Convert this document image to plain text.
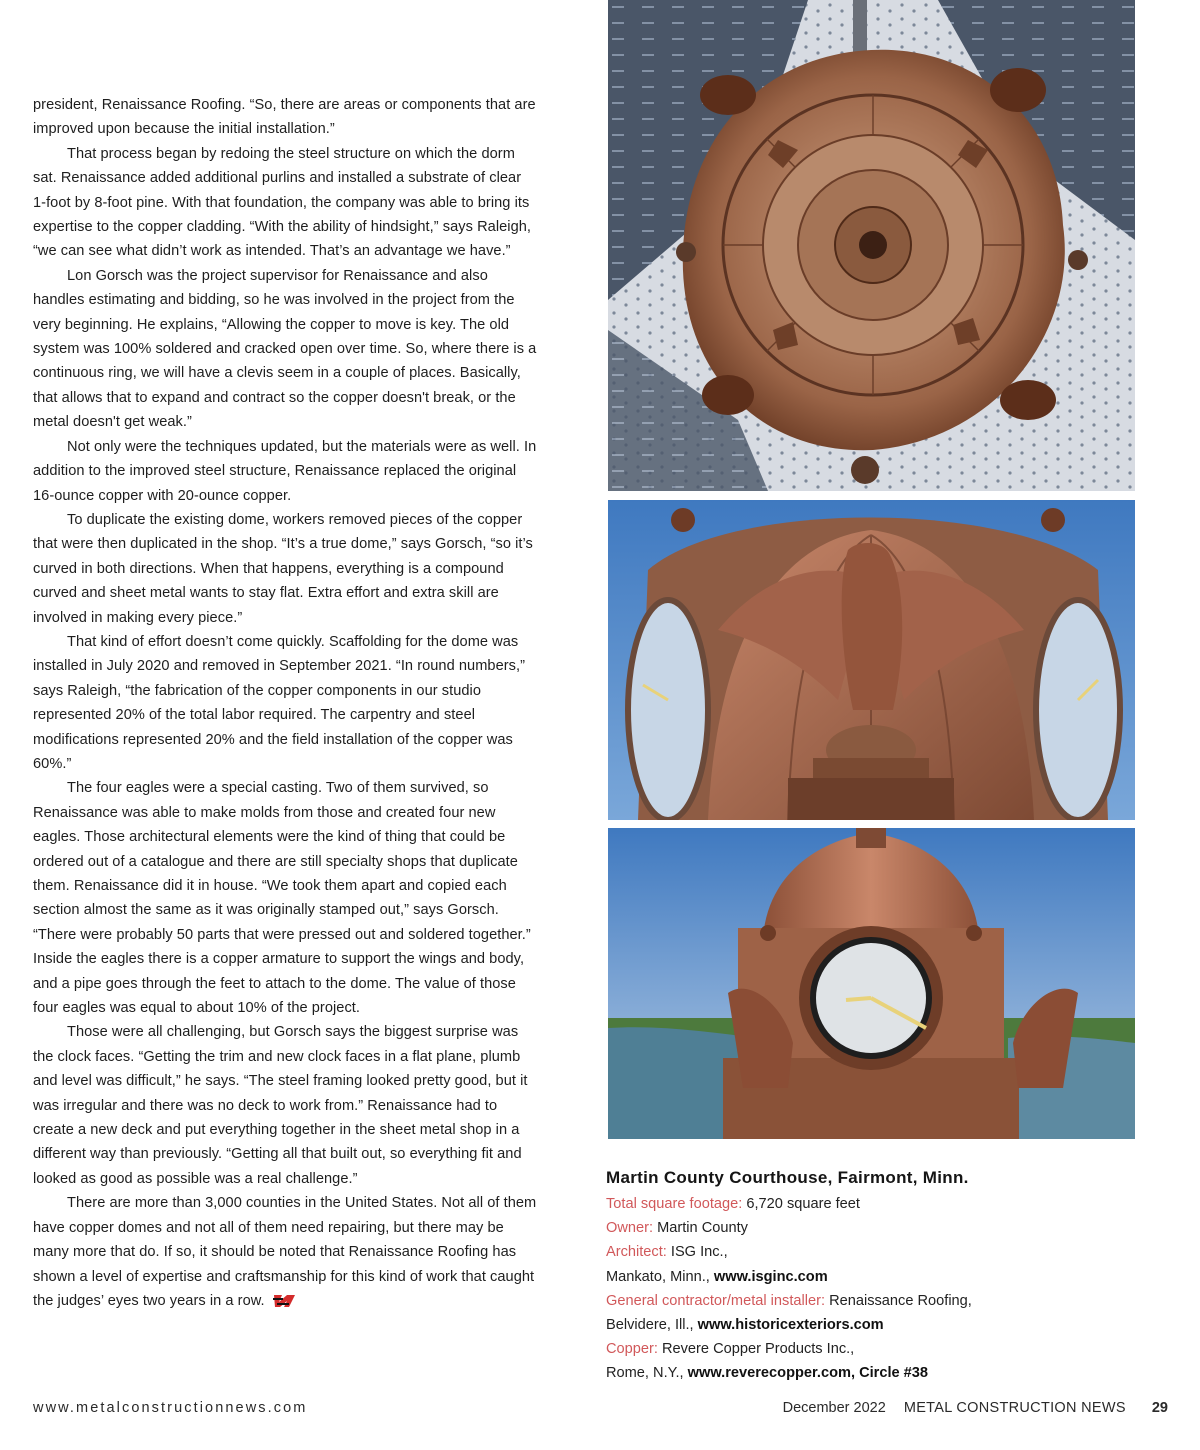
president, Renaissance Roofing. “So, there are areas or components that are improved upon because the initial installation.”

That process began by redoing the steel structure on which the dorm sat. Renaissance added additional purlins and installed a substrate of clear 1-foot by 8-foot pine. With that foundation, the company was able to bring its expertise to the copper cladding. “With the ability of hindsight,” says Raleigh, “we can see what didn’t work as intended. That’s an advantage we have.”

Lon Gorsch was the project supervisor for Renaissance and also handles estimating and bidding, so he was involved in the project from the very beginning. He explains, “Allowing the copper to move is key. The old system was 100% soldered and cracked open over time. So, where there is a continuous ring, we will have a clevis seem in a couple of places. Basically, that allows that to expand and contract so the copper doesn't break, or the metal doesn't get weak.”

Not only were the techniques updated, but the materials were as well. In addition to the improved steel structure, Renaissance replaced the original 16-ounce copper with 20-ounce copper.

To duplicate the existing dome, workers removed pieces of the copper that were then duplicated in the shop. “It’s a true dome,” says Gorsch, “so it’s curved in both directions. When that happens, everything is a compound curved and sheet metal wants to stay flat. Extra effort and extra skill are involved in making every piece.”

That kind of effort doesn’t come quickly. Scaffolding for the dome was installed in July 2020 and removed in September 2021. “In round numbers,” says Raleigh, “the fabrication of the copper components in our studio represented 20% of the total labor required. The carpentry and steel modifications represented 20% and the field installation of the copper was 60%.”

The four eagles were a special casting. Two of them survived, so Renaissance was able to make molds from those and created four new eagles. Those architectural elements were the kind of thing that could be ordered out of a catalogue and there are still specialty shops that duplicate them. Renaissance did it in house. “We took them apart and copied each section almost the same as it was originally stamped out,” says Gorsch. “There were probably 50 parts that were pressed out and soldered together.” Inside the eagles there is a copper armature to support the wings and body, and a pipe goes through the feet to attach to the dome. The value of those four eagles was equal to about 10% of the project.

Those were all challenging, but Gorsch says the biggest surprise was the clock faces. “Getting the trim and new clock faces in a flat plane, plumb and level was difficult,” he says. “The steel framing looked pretty good, but it was irregular and there was no deck to work from.” Renaissance had to create a new deck and put everything together in the sheet metal shop in a different way than previously. “Getting all that built out, so everything fit and looked as good as possible was a real challenge.”

There are more than 3,000 counties in the United States. Not all of them have copper domes and not all of them need repairing, but there may be many more that do. If so, it should be noted that Renaissance Roofing has shown a level of expertise and craftsmanship for this kind of work that caught the judges’ eyes two years in a row.

Martin County Courthouse, Fairmont, Minn.

Total square footage: 6,720 square feet

Owner: Martin County

Architect: ISG Inc.,

Mankato, Minn., www.isginc.com

General contractor/metal installer: Renaissance Roofing,

Belvidere, Ill., www.historicexteriors.com

Copper: Revere Copper Products Inc.,

Rome, N.Y., www.reverecopper.com, Circle #38

www.metalconstructionnews.com	December 2022 METAL CONSTRUCTION NEWS 29
